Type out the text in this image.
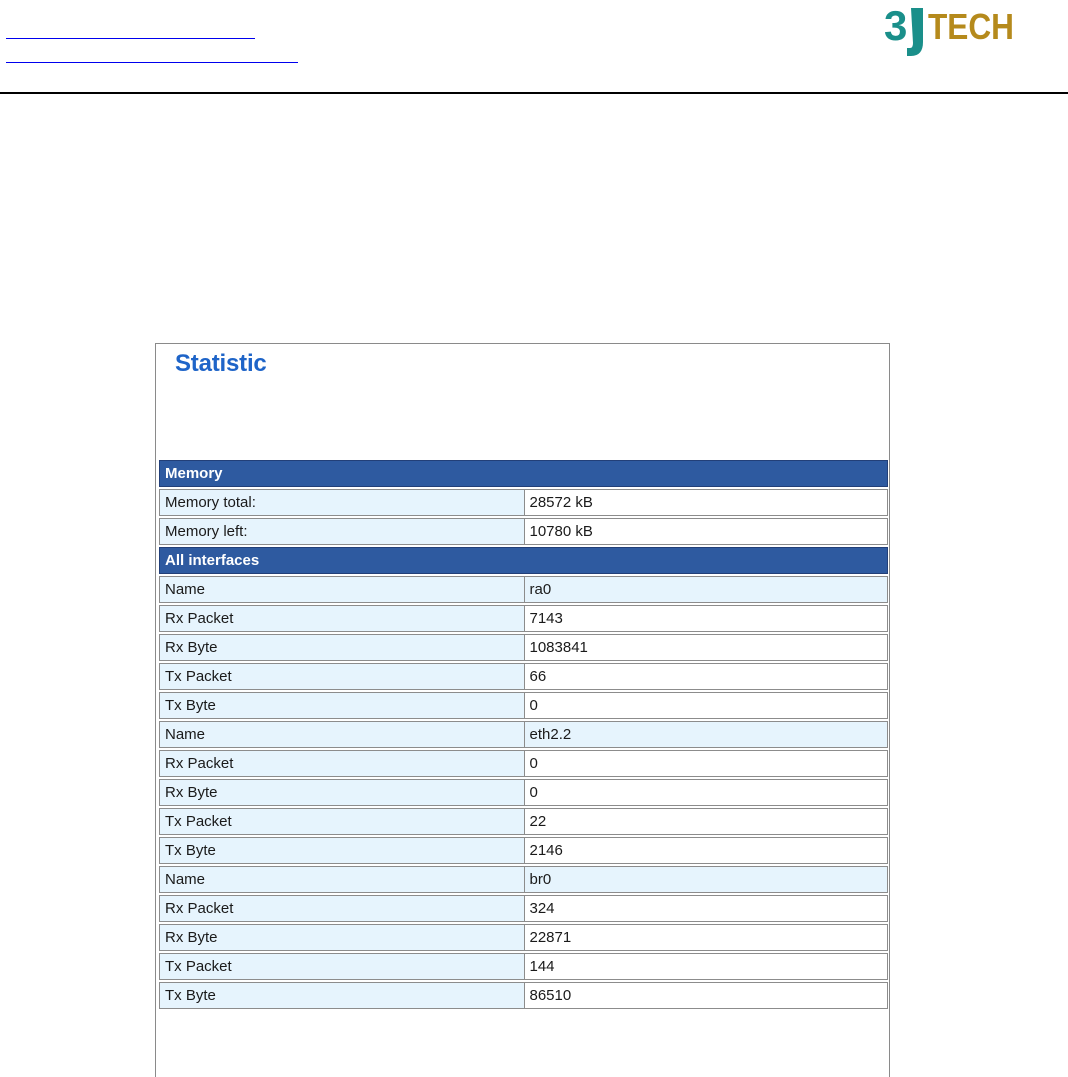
3 TECH
Statistic
Memory	
Memory total:	28572 kB
Memory left:	10780 kB
All interfaces	
Name	ra0
Rx Packet	7143
Rx Byte	1083841
Tx Packet	66
Tx Byte	0
Name	eth2.2
Rx Packet	0
Rx Byte	0
Tx Packet	22
Tx Byte	2146
Name	br0
Rx Packet	324
Rx Byte	22871
Tx Packet	144
Tx Byte	86510
